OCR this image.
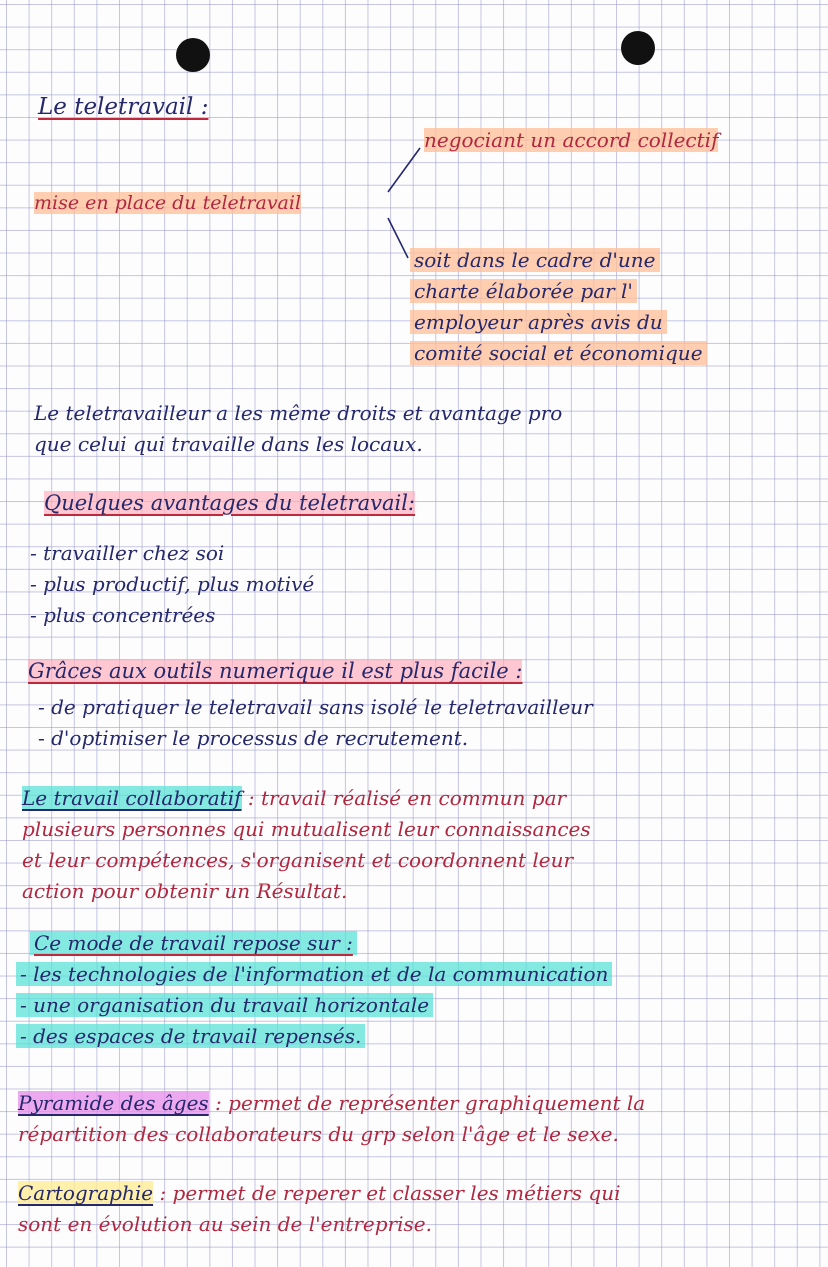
Le teletravail :

mise en place du teletravail

negociant un accord collectif

soit dans le cadre d'une

charte élaborée par l'

employeur après avis du

comité social et économique

Le teletravailleur a les même droits et avantage pro

que celui qui travaille dans les locaux.

Quelques avantages du teletravail:

- travailler chez soi

- plus productif, plus motivé

- plus concentrées

Grâces aux outils numerique il est plus facile :

- de pratiquer le teletravail sans isolé le teletravailleur

- d'optimiser le processus de recrutement.

Le travail collaboratif : travail réalisé en commun par

plusieurs personnes qui mutualisent leur connaissances

et leur compétences, s'organisent et coordonnent leur

action pour obtenir un Résultat.

Ce mode de travail repose sur :

- les technologies de l'information et de la communication

- une organisation du travail horizontale

- des espaces de travail repensés.

Pyramide des âges : permet de représenter graphiquement la

répartition des collaborateurs du grp selon l'âge et le sexe.

Cartographie : permet de reperer et classer les métiers qui

sont en évolution au sein de l'entreprise.
